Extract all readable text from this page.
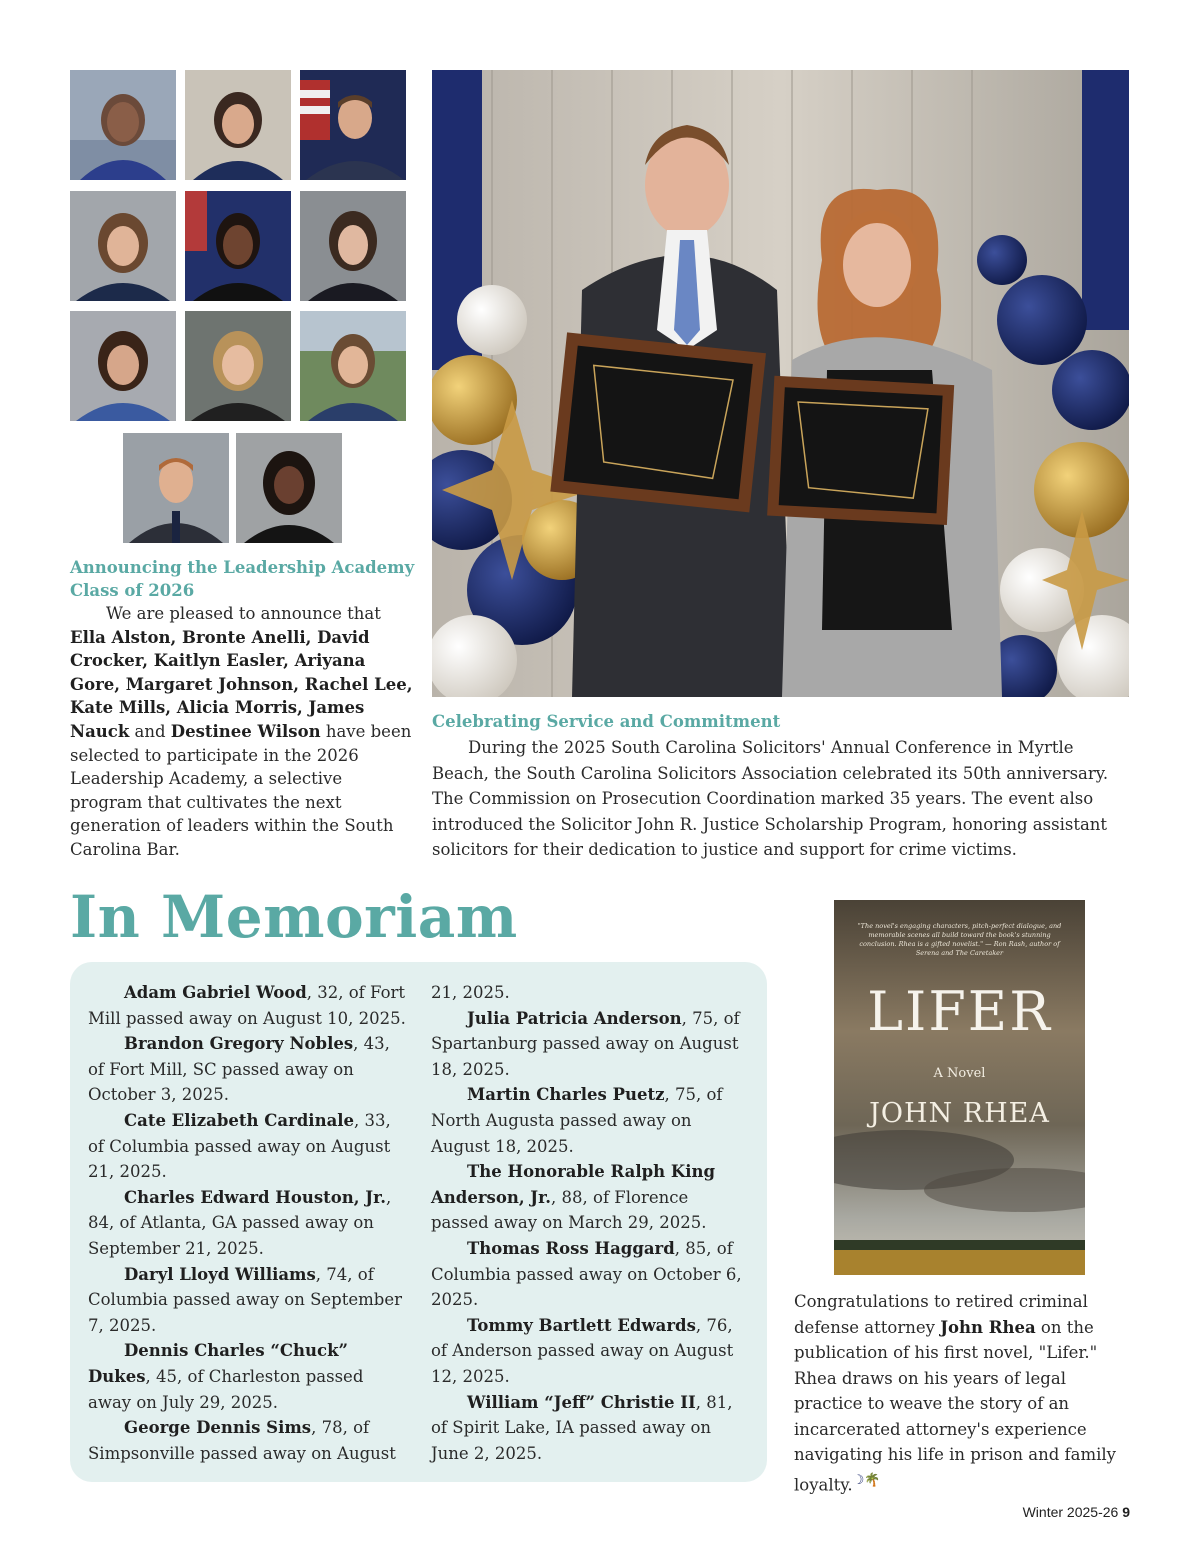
Announcing the Leadership Academy Class of 2026
We are pleased to announce that Ella Alston, Bronte Anelli, David Crocker, Kaitlyn Easler, Ariyana Gore, Margaret Johnson, Rachel Lee, Kate Mills, Alicia Morris, James Nauck and Destinee Wilson have been selected to participate in the 2026 Leadership Academy, a selective program that cultivates the next generation of leaders within the South Carolina Bar.
Celebrating Service and Commitment
During the 2025 South Carolina Solicitors' Annual Conference in Myrtle Beach, the South Carolina Solicitors Association celebrated its 50th anniversary. The Commission on Prosecution Coordination marked 35 years. The event also introduced the Solicitor John R. Justice Scholarship Program, honoring assistant solicitors for their dedication to justice and support for crime victims.
In Memoriam
Adam Gabriel Wood, 32, of Fort Mill passed away on August 10, 2025.
Brandon Gregory Nobles, 43, of Fort Mill, SC passed away on October 3, 2025.
Cate Elizabeth Cardinale, 33, of Columbia passed away on August 21, 2025.
Charles Edward Houston, Jr., 84, of Atlanta, GA passed away on September 21, 2025.
Daryl Lloyd Williams, 74, of Columbia passed away on September 7, 2025.
Dennis Charles “Chuck” Dukes, 45, of Charleston passed away on July 29, 2025.
George Dennis Sims, 78, of Simpsonville passed away on August
21, 2025.
Julia Patricia Anderson, 75, of Spartanburg passed away on August 18, 2025.
Martin Charles Puetz, 75, of North Augusta passed away on August 18, 2025.
The Honorable Ralph King Anderson, Jr., 88, of Florence passed away on March 29, 2025.
Thomas Ross Haggard, 85, of Columbia passed away on October 6, 2025.
Tommy Bartlett Edwards, 76, of Anderson passed away on August 12, 2025.
William “Jeff” Christie II, 81, of Spirit Lake, IA passed away on June 2, 2025.
"The novel's engaging characters, pitch-perfect dialogue, and memorable scenes all build toward the book's stunning conclusion. Rhea is a gifted novelist." — Ron Rash, author of Serena and The Caretaker
LIFER
A Novel
JOHN RHEA
Congratulations to retired criminal defense attorney John Rhea on the publication of his first novel, "Lifer." Rhea draws on his years of legal practice to weave the story of an incarcerated attorney's experience navigating his life in prison and family loyalty.☽🌴
Winter 2025-26 9
